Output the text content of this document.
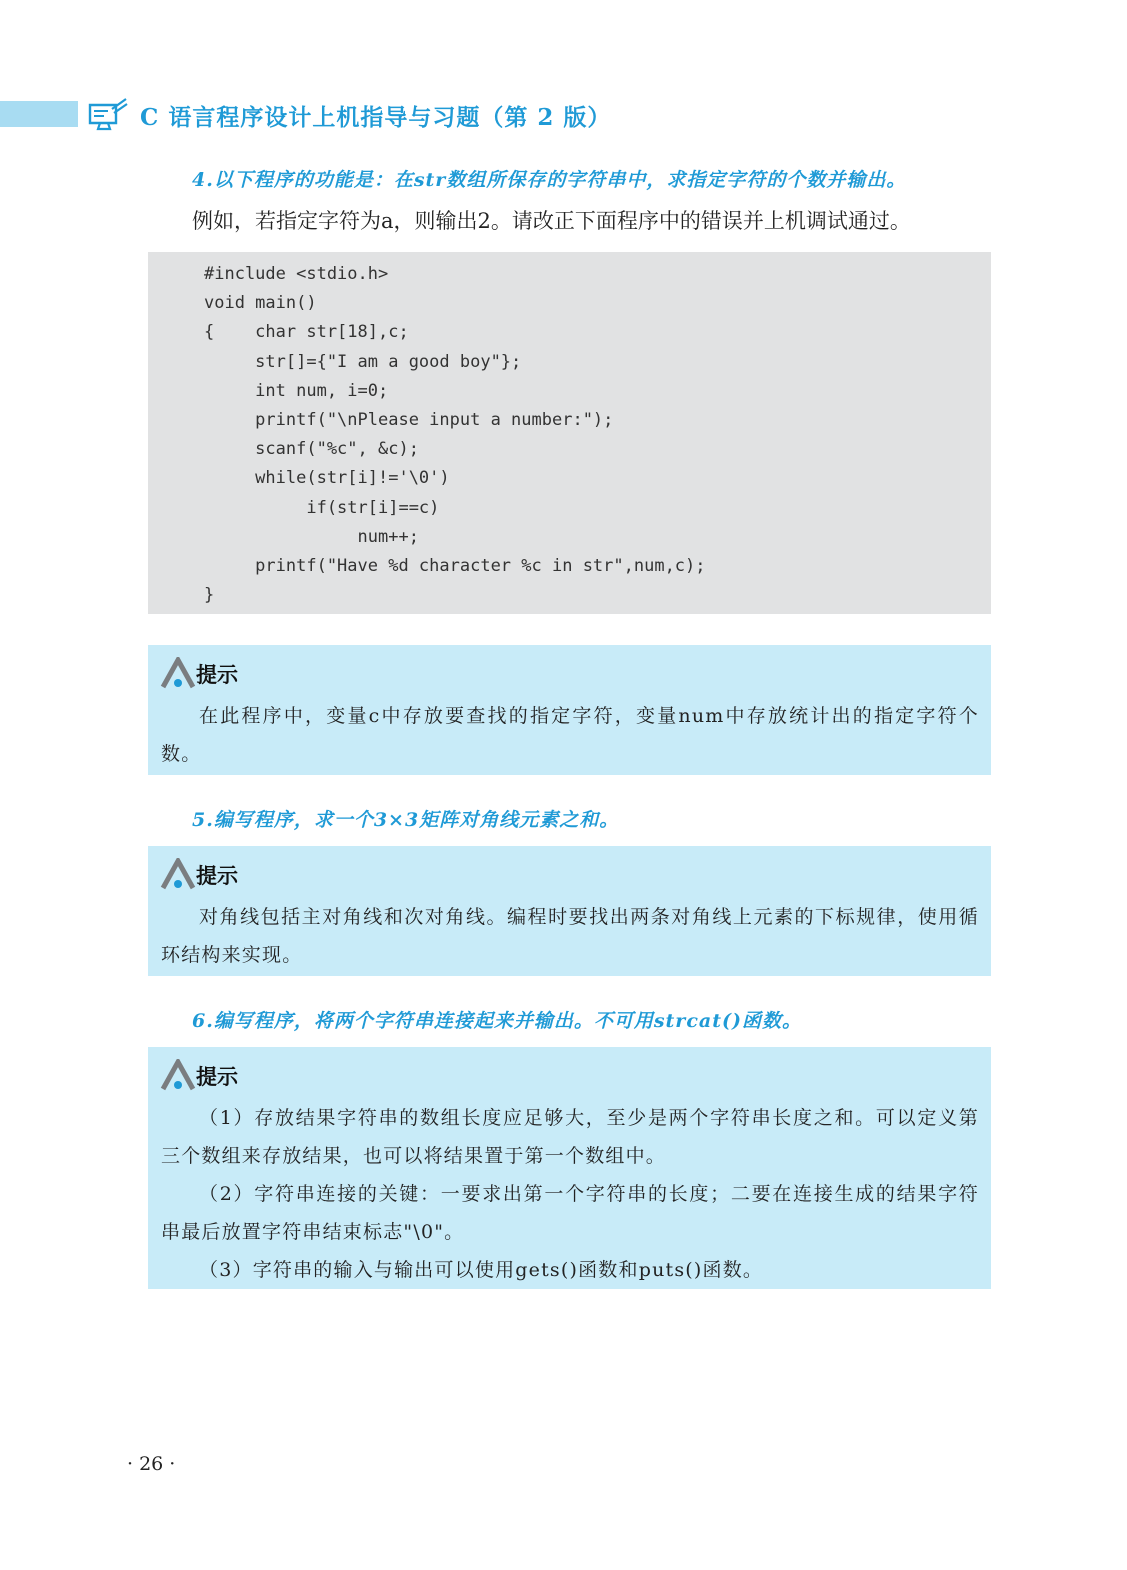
C 语言程序设计上机指导与习题（第 2 版）
4.以下程序的功能是：在str数组所保存的字符串中，求指定字符的个数并输出。
例如，若指定字符为a，则输出2。请改正下面程序中的错误并上机调试通过。
#include <stdio.h>
void main()
{    char str[18],c;
str[]={"I am a good boy"};
int num, i=0;
printf("\nPlease input a number:");
scanf("%c", &c);
while(str[i]!='\0')
if(str[i]==c)
num++;
printf("Have %d character %c in str",num,c);
}
提示

在此程序中，变量c中存放要查找的指定字符，变量num中存放统计出的指定字符个数。

5.编写程序，求一个3×3矩阵对角线元素之和。
提示

对角线包括主对角线和次对角线。编程时要找出两条对角线上元素的下标规律，使用循环结构来实现。

6.编写程序，将两个字符串连接起来并输出。不可用strcat()函数。
提示

（1）存放结果字符串的数组长度应足够大，至少是两个字符串长度之和。可以定义第三个数组来存放结果，也可以将结果置于第一个数组中。

（2）字符串连接的关键：一要求出第一个字符串的长度；二要在连接生成的结果字符串最后放置字符串结束标志"\0"。

（3）字符串的输入与输出可以使用gets()函数和puts()函数。

· 26 ·
